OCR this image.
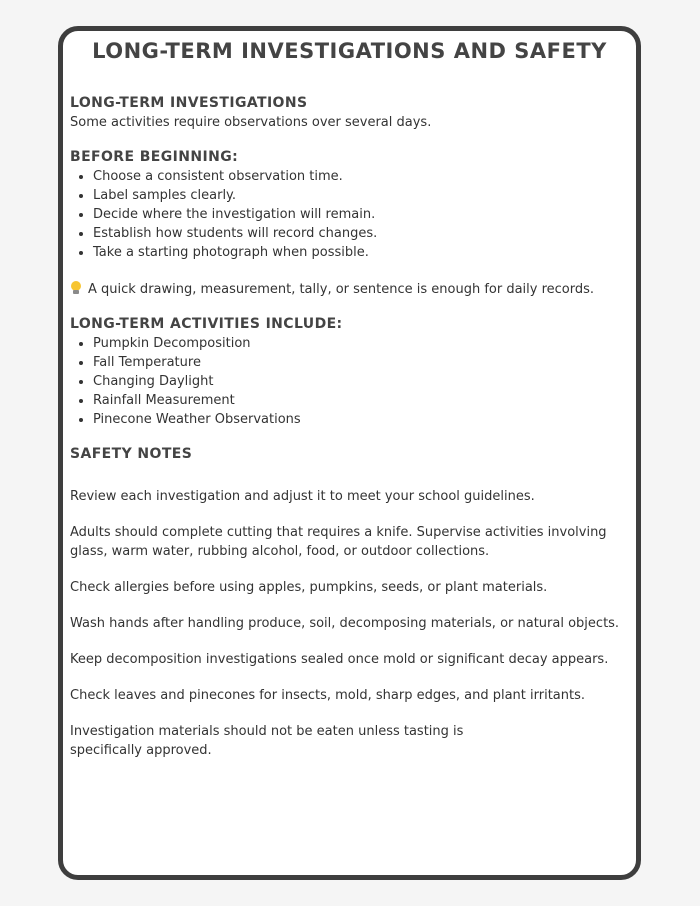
LONG-TERM INVESTIGATIONS AND SAFETY
LONG-TERM INVESTIGATIONS

Some activities require observations over several days.

BEFORE BEGINNING:
• Choose a consistent observation time.
• Label samples clearly.
• Decide where the investigation will remain.
• Establish how students will record changes.
• Take a starting photograph when possible.

A quick drawing, measurement, tally, or sentence is enough for daily records.

LONG-TERM ACTIVITIES INCLUDE:
• Pumpkin Decomposition
• Fall Temperature
• Changing Daylight
• Rainfall Measurement
• Pinecone Weather Observations
SAFETY NOTES

Review each investigation and adjust it to meet your school guidelines.

Adults should complete cutting that requires a knife. Supervise activities involving glass, warm water, rubbing alcohol, food, or outdoor collections.

Check allergies before using apples, pumpkins, seeds, or plant materials.

Wash hands after handling produce, soil, decomposing materials, or natural objects.

Keep decomposition investigations sealed once mold or significant decay appears.

Check leaves and pinecones for insects, mold, sharp edges, and plant irritants.

Investigation materials should not be eaten unless tasting is specifically approved.
